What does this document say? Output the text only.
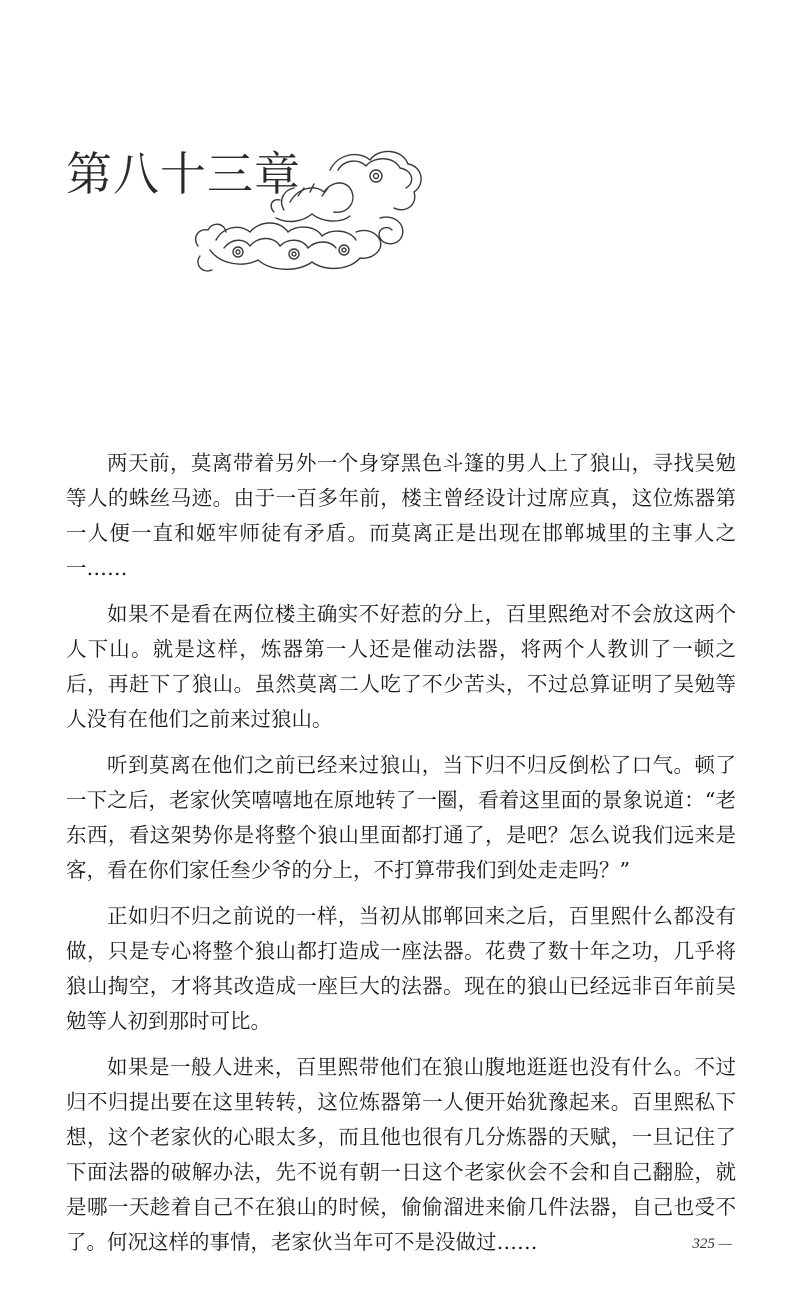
第八十三章

两天前，莫离带着另外一个身穿黑色斗篷的男人上了狼山，寻找吴勉等人的蛛丝马迹。由于一百多年前，楼主曾经设计过席应真，这位炼器第一人便一直和姬牢师徒有矛盾。而莫离正是出现在邯郸城里的主事人之一……

如果不是看在两位楼主确实不好惹的分上，百里熙绝对不会放这两个人下山。就是这样，炼器第一人还是催动法器，将两个人教训了一顿之后，再赶下了狼山。虽然莫离二人吃了不少苦头，不过总算证明了吴勉等人没有在他们之前来过狼山。

听到莫离在他们之前已经来过狼山，当下归不归反倒松了口气。顿了一下之后，老家伙笑嘻嘻地在原地转了一圈，看着这里面的景象说道：“老东西，看这架势你是将整个狼山里面都打通了，是吧？怎么说我们远来是客，看在你们家任叁少爷的分上，不打算带我们到处走走吗？”

正如归不归之前说的一样，当初从邯郸回来之后，百里熙什么都没有做，只是专心将整个狼山都打造成一座法器。花费了数十年之功，几乎将狼山掏空，才将其改造成一座巨大的法器。现在的狼山已经远非百年前吴勉等人初到那时可比。

如果是一般人进来，百里熙带他们在狼山腹地逛逛也没有什么。不过归不归提出要在这里转转，这位炼器第一人便开始犹豫起来。百里熙私下想，这个老家伙的心眼太多，而且他也很有几分炼器的天赋，一旦记住了下面法器的破解办法，先不说有朝一日这个老家伙会不会和自己翻脸，就是哪一天趁着自己不在狼山的时候，偷偷溜进来偷几件法器，自己也受不了。何况这样的事情，老家伙当年可不是没做过……	325 —
